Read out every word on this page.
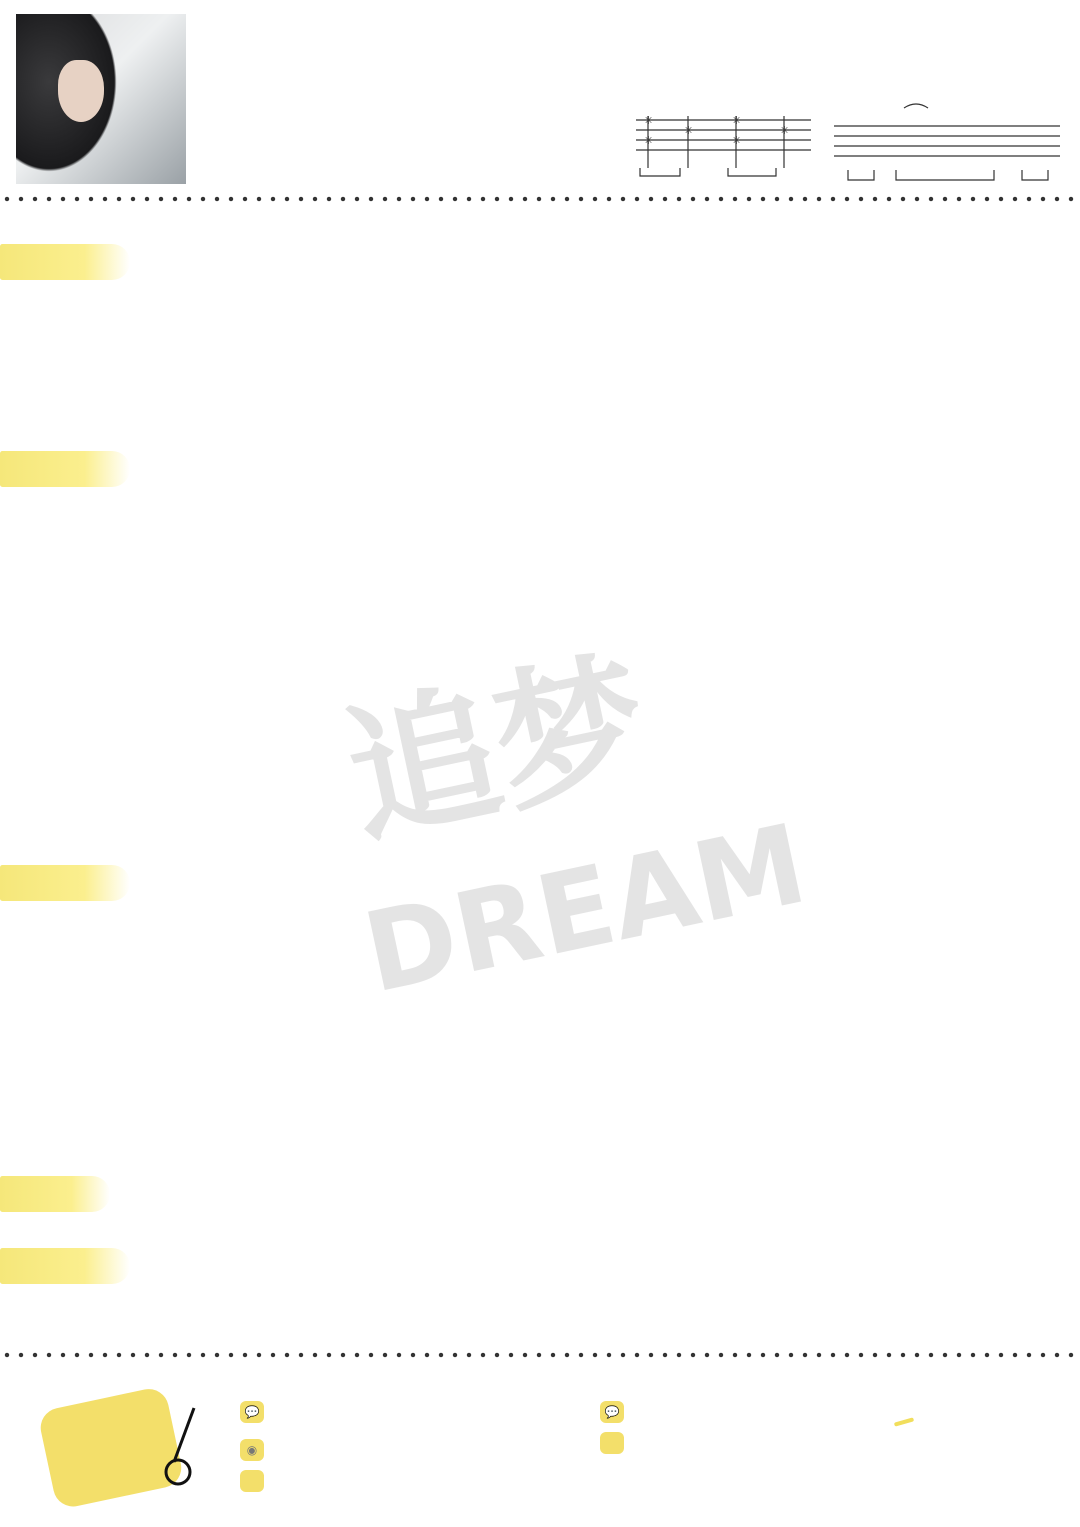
✳
✳
✳
✳
✳
✳
追梦
DREAM
💬
◉
💬
